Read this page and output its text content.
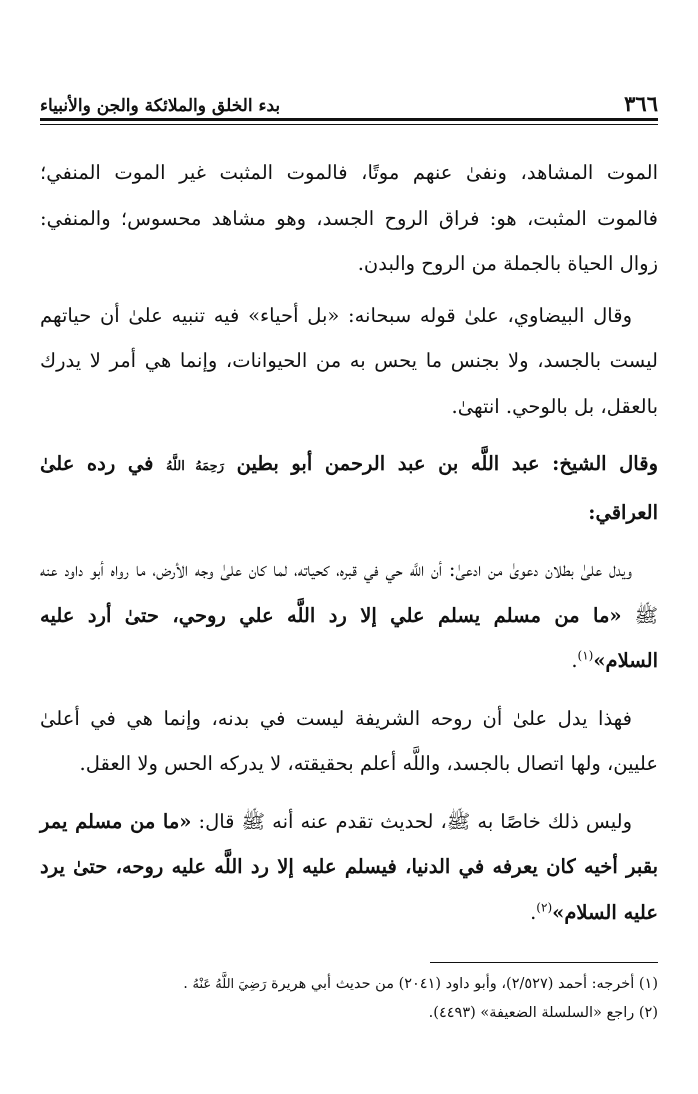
٣٦٦
بدء الخلق والملائكة والجن والأنبياء

الموت المشاهد، ونفىٰ عنهم موتًا، فالموت المثبت غير الموت المنفي؛ فالموت المثبت، هو: فراق الروح الجسد، وهو مشاهد محسوس؛ والمنفي: زوال الحياة بالجملة من الروح والبدن.

وقال البيضاوي، علىٰ قوله سبحانه: «بل أحياء» فيه تنبيه علىٰ أن حياتهم ليست بالجسد، ولا بجنس ما يحس به من الحيوانات، وإنما هي أمر لا يدرك بالعقل، بل بالوحي. انتهىٰ.

وقال الشيخ: عبد اللَّه بن عبد الرحمن أبو بطين رَحِمَهُ اللَّهُ في رده علىٰ العراقي:

ويدل علىٰ بطلان دعوىٰ من ادعىٰ: أن اللَّه حي في قبره، كحياته، لما كان علىٰ وجه الأرض، ما رواه أبو داود عنه ﷺ «ما من مسلم يسلم علي إلا رد اللَّه علي روحي، حتىٰ أرد عليه السلام»$^{(١)}$.

فهذا يدل علىٰ أن روحه الشريفة ليست في بدنه، وإنما هي في أعلىٰ عليين، ولها اتصال بالجسد، واللَّه أعلم بحقيقته، لا يدركه الحس ولا العقل.

وليس ذلك خاصًا به ﷺ، لحديث تقدم عنه أنه ﷺ قال: «ما من مسلم يمر بقبر أخيه كان يعرفه في الدنيا، فيسلم عليه إلا رد اللَّه عليه روحه، حتىٰ يرد عليه السلام»$^{(٢)}$.

(١) أخرجه: أحمد (٢/٥٢٧)، وأبو داود (٢٠٤١) من حديث أبي هريرة رَضِيَ اللَّهُ عَنْهُ .

(٢) راجع «السلسلة الضعيفة» (٤٤٩٣).
